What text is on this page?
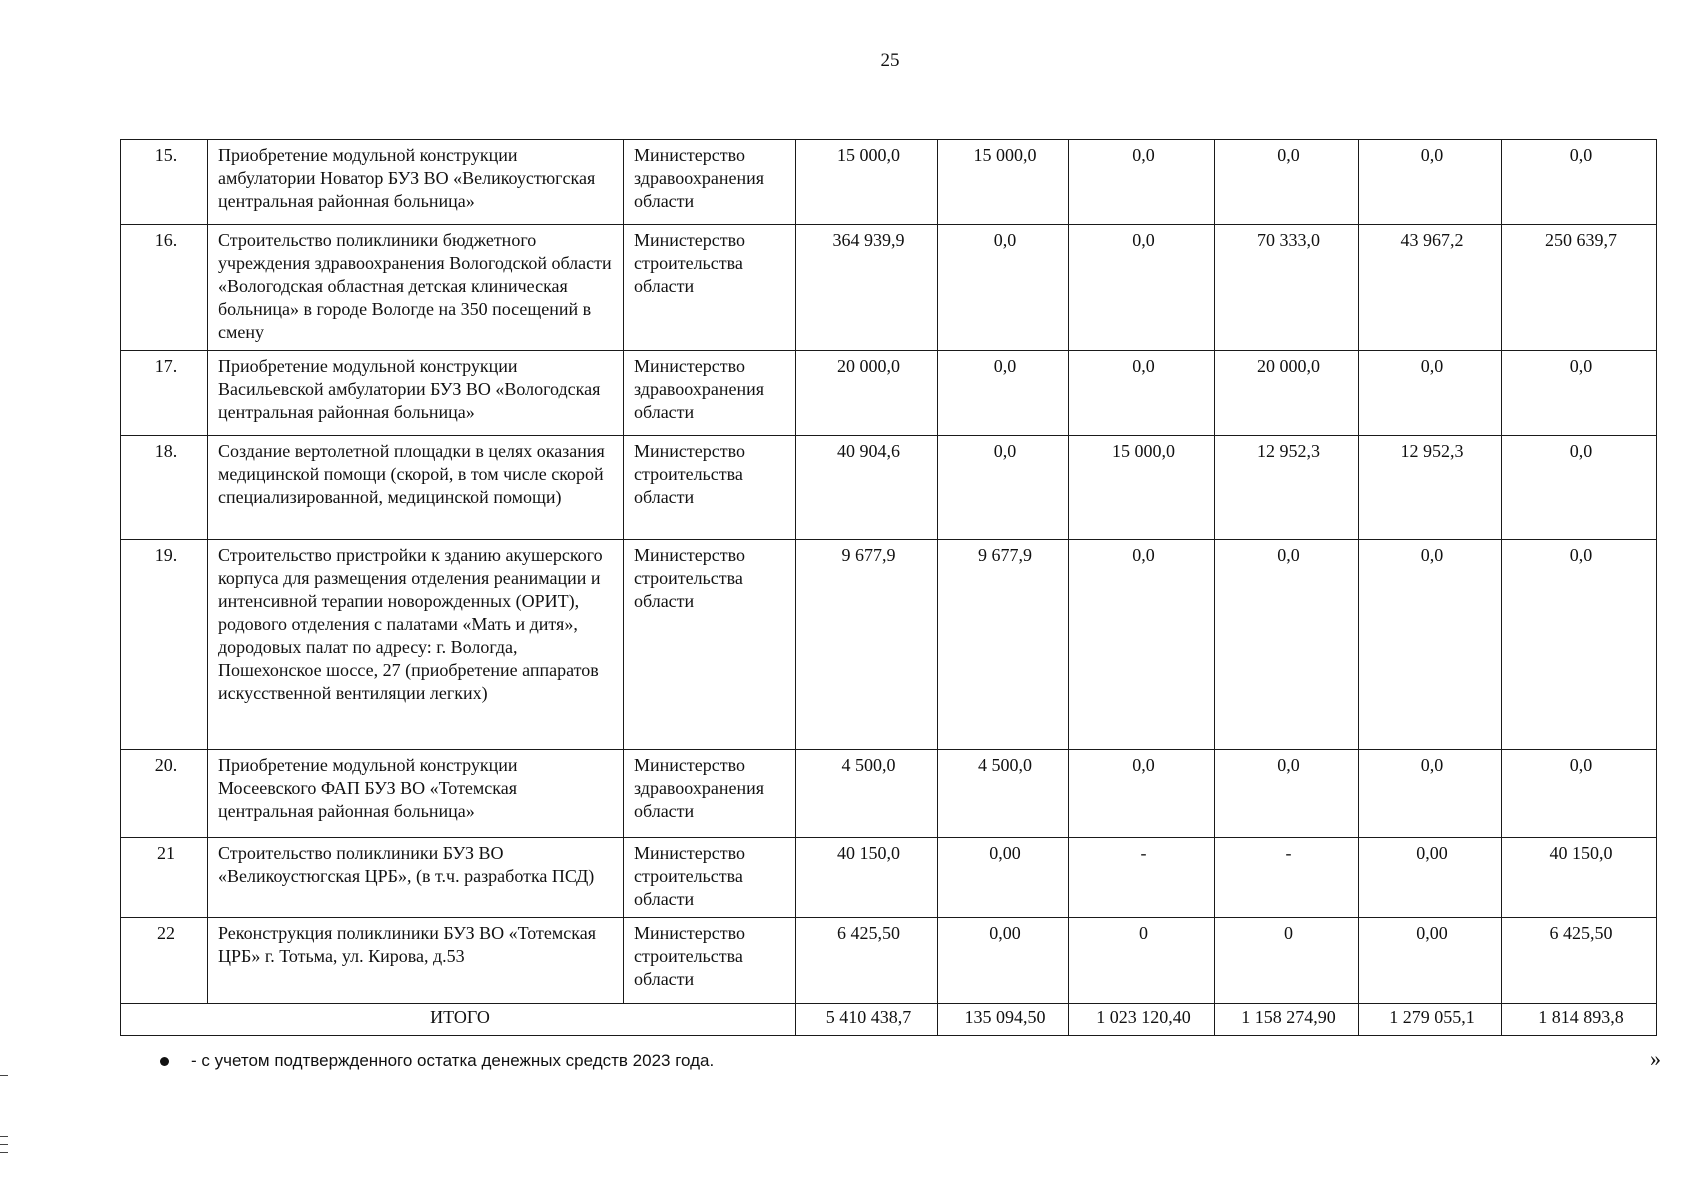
25
15.	Приобретение модульной конструкции амбулатории Новатор БУЗ ВО «Великоустюгская центральная районная больница»	Министерство здравоохранения области	15 000,0	15 000,0	0,0	0,0	0,0	0,0
16.	Строительство поликлиники бюджетного учреждения здравоохранения Вологодской области «Вологодская областная детская клиническая больница» в городе Вологде на 350 посещений в смену	Министерство строительства области	364 939,9	0,0	0,0	70 333,0	43 967,2	250 639,7
17.	Приобретение модульной конструкции Васильевской амбулатории БУЗ ВО «Вологодская центральная районная больница»	Министерство здравоохранения области	20 000,0	0,0	0,0	20 000,0	0,0	0,0
18.	Создание вертолетной площадки в целях оказания медицинской помощи (скорой, в том числе скорой специализированной, медицинской помощи)	Министерство строительства области	40 904,6	0,0	15 000,0	12 952,3	12 952,3	0,0
19.	Строительство пристройки к зданию акушерского корпуса для размещения отделения реанимации и интенсивной терапии новорожденных (ОРИТ), родового отделения с палатами «Мать и дитя», дородовых палат по адресу: г. Вологда, Пошехонское шоссе, 27 (приобретение аппаратов искусственной вентиляции легких)	Министерство строительства области	9 677,9	9 677,9	0,0	0,0	0,0	0,0
20.	Приобретение модульной конструкции Мосеевского ФАП БУЗ ВО «Тотемская центральная районная больница»	Министерство здравоохранения области	4 500,0	4 500,0	0,0	0,0	0,0	0,0
21	Строительство поликлиники БУЗ ВО «Великоустюгская ЦРБ», (в т.ч. разработка ПСД)	Министерство строительства области	40 150,0	0,00	-	-	0,00	40 150,0
22	Реконструкция поликлиники БУЗ ВО «Тотемская ЦРБ» г. Тотьма, ул. Кирова, д.53	Министерство строительства области	6 425,50	0,00	0	0	0,00	6 425,50
ИТОГО			5 410 438,7	135 094,50	1 023 120,40	1 158 274,90	1 279 055,1	1 814 893,8
- с учетом подтвержденного остатка денежных средств 2023 года.	»
